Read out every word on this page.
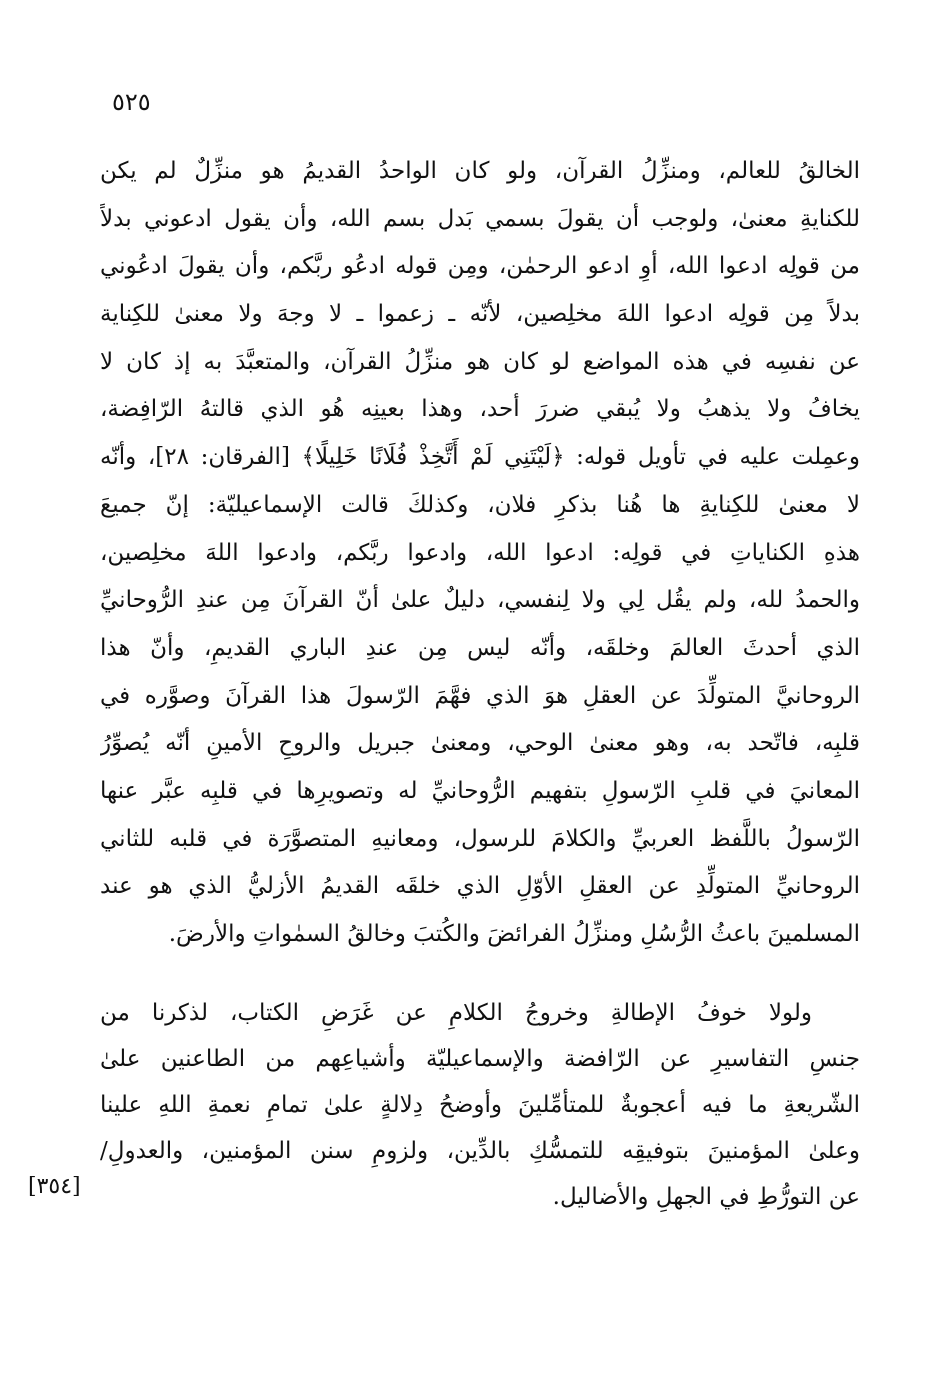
٥٢٥
الخالقُ للعالم، ومنزِّلُ القرآن، ولو كان الواحدُ القديمُ هو منزِّلٌ لم يكن
للكنايةِ معنىٰ، ولوجب أن يقولَ بسمي بَدل بسم الله، وأن يقول ادعوني بدلاً
من قولِه ادعوا الله، أوِ ادعو الرحمٰن، ومِن قوله ادعُو ربَّكم، وأن يقولَ ادعُوني
بدلاً مِن قولِه ادعوا اللهَ مخلِصين، لأنّه ـ زعموا ـ لا وجهَ ولا معنىٰ للكِناية
عن نفسِه في هذه المواضع لو كان هو منزِّلُ القرآن، والمتعبَّدَ به إذ كان لا
يخافُ ولا يذهبُ ولا يُبقي ضررَ أحد، وهذا بعينِه هُو الذي قالتهُ الرّافِضة،
وعمِلت عليه في تأويل قوله: ﴿لَيْتَنِي لَمْ أَتَّخِذْ فُلَانًا خَلِيلًا﴾ [الفرقان: ٢٨]، وأنّه
لا معنىٰ للكِنايةِ ها هُنا بذكرِ فلان، وكذلكَ قالت الإسماعيليّة: إنّ جميعَ
هذهِ الكناياتِ في قولِه: ادعوا الله، وادعوا ربَّكم، وادعوا اللهَ مخلِصين،
والحمدُ لله، ولم يقُل لِي ولا لِنفسي، دليلٌ علىٰ أنّ القرآنَ مِن عندِ الرُّوحانيِّ
الذي أحدثَ العالمَ وخلقَه، وأنّه ليس مِن عندِ الباري القديمِ، وأنّ هذا
الروحانيَّ المتولِّدَ عن العقلِ هوَ الذي فهَّمَ الرّسولَ هذا القرآنَ وصوَّره في
قلبِه، فاتّحد به، وهو معنىٰ الوحي، ومعنىٰ جبريل والروحِ الأمينِ أنّه يُصوِّرُ
المعانيَ في قلبِ الرّسولِ بتفهيم الرُّوحانيِّ له وتصويرِها في قلبِه عبَّر عنها
الرّسولُ باللَّفظ العربيِّ والكلامَ للرسول، ومعانيهِ المتصوَّرَة في قلبه للثاني
الروحانيِّ المتولِّدِ عن العقلِ الأوّلِ الذي خلقَه القديمُ الأزليُّ الذي هو عند
المسلمينَ باعثُ الرُّسُلِ ومنزِّلُ الفرائضَ والكُتبَ وخالقُ السمٰواتِ والأرضَ.
ولولا خوفُ الإطالةِ وخروجُ الكلامِ عن غَرَضِ الكتاب، لذكرنا من
جنسِ التفاسيرِ عن الرّافضة والإسماعيليّة وأشياعِهم من الطاعنين علىٰ
الشّريعةِ ما فيه أعجوبةٌ للمتأمِّلينَ وأوضحُ دِلالةٍ علىٰ تمامِ نعمةِ اللهِ علينا
وعلىٰ المؤمنينَ بتوفيقِه للتمسُّكِ بالدِّين، ولزومِ سنن المؤمنين، والعدولِ/
عن التورُّطِ في الجهلِ والأضاليل.
[٣٥٤]
